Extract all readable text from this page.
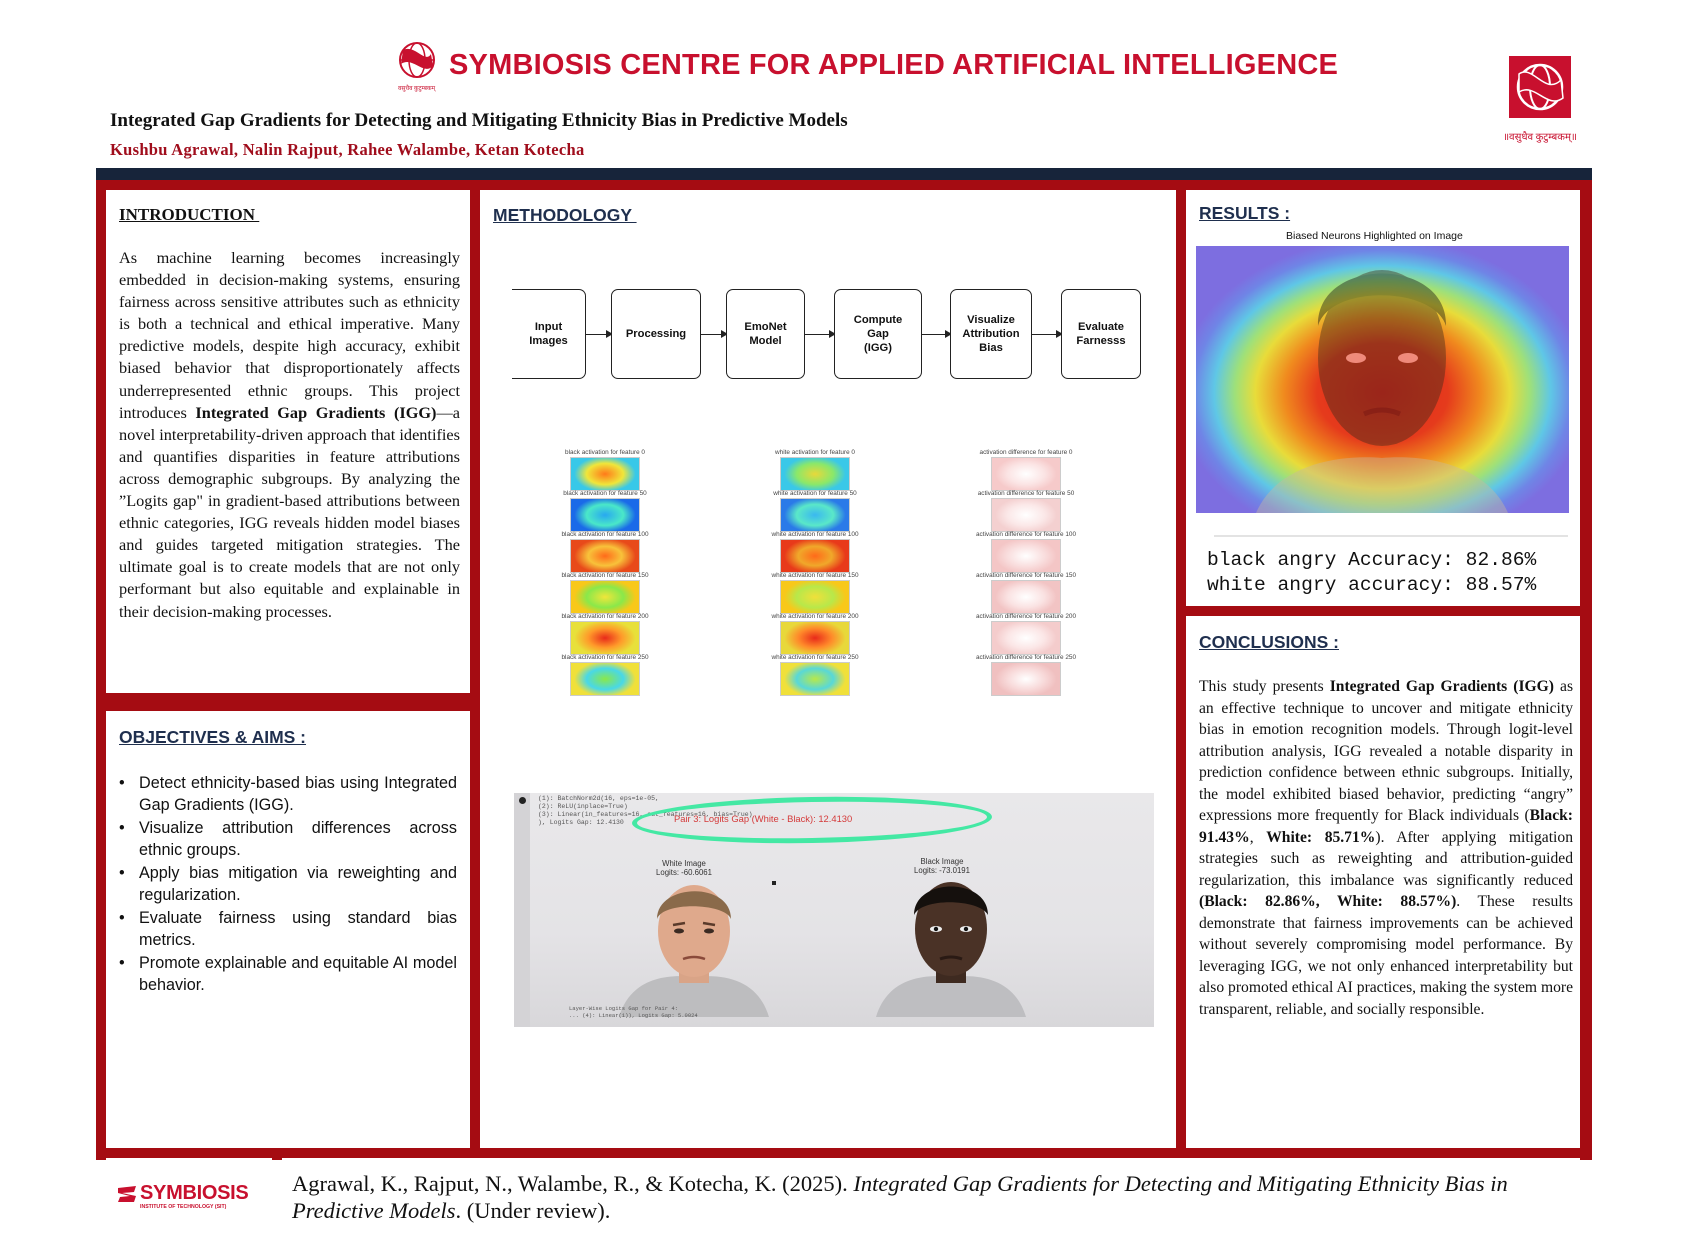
SYMBIOSIS CENTRE FOR APPLIED ARTIFICIAL INTELLIGENCE
वसुधैव कुटुम्बकम्
Integrated Gap Gradients for Detecting and Mitigating Ethnicity Bias in Predictive Models
Kushbu Agrawal, Nalin Rajput, Rahee Walambe, Ketan Kotecha
॥वसुधैव कुटुम्बकम्॥
INTRODUCTION
As machine learning becomes increasingly embedded in decision-making systems, ensuring fairness across sensitive attributes such as ethnicity is both a technical and ethical imperative. Many predictive models, despite high accuracy, exhibit biased behavior that disproportionately affects underrepresented ethnic groups. This project introduces Integrated Gap Gradients (IGG)—a novel interpretability-driven approach that identifies and quantifies disparities in feature attributions across demographic subgroups. By analyzing the ”Logits gap" in gradient-based attributions between ethnic categories, IGG reveals hidden model biases and guides targeted mitigation strategies. The ultimate goal is to create models that are not only performant but also equitable and explainable in their decision-making processes.
OBJECTIVES & AIMS :
• Detect ethnicity-based bias using Integrated Gap Gradients (IGG).
• Visualize attribution differences across ethnic groups.
• Apply bias mitigation via reweighting and regularization.
• Evaluate fairness using standard bias metrics.
• Promote explainable and equitable AI model behavior.
METHODOLOGY
Input
Images
Processing
EmoNet
Model
Compute
Gap
(IGG)
Visualize
Attribution
Bias
Evaluate
Farnesss
black activation for feature 0
black activation for feature 50
black activation for feature 100
black activation for feature 150
black activation for feature 200
black activation for feature 250
white activation for feature 0
white activation for feature 50
white activation for feature 100
white activation for feature 150
white activation for feature 200
white activation for feature 250
activation difference for feature 0
activation difference for feature 50
activation difference for feature 100
activation difference for feature 150
activation difference for feature 200
activation difference for feature 250
(1): BatchNorm2d(16, eps=1e-05,
(2): ReLU(inplace=True)
(3): Linear(in_features=16, out_features=16, bias=True)
), Logits Gap: 12.4130	Pair 3: Logits Gap (White - Black): 12.4130
White Image
Logits: -60.6061
Black Image
Logits: -73.0191
Layer-Wise Logits Gap for Pair 4:
... (4): Linear(1)), Logits Gap: 5.0024
RESULTS :
Biased Neurons Highlighted on Image
black angry Accuracy: 82.86%
white angry accuracy: 88.57%
CONCLUSIONS :
This study presents Integrated Gap Gradients (IGG) as an effective technique to uncover and mitigate ethnicity bias in emotion recognition models. Through logit-level attribution analysis, IGG revealed a notable disparity in prediction confidence between ethnic subgroups. Initially, the model exhibited biased behavior, predicting “angry” expressions more frequently for Black individuals (Black: 91.43%, White: 85.71%). After applying mitigation strategies such as reweighting and attribution-guided regularization, this imbalance was significantly reduced (Black: 82.86%, White: 88.57%). These results demonstrate that fairness improvements can be achieved without severely compromising model performance. By leveraging IGG, we not only enhanced interpretability but also promoted ethical AI practices, making the system more transparent, reliable, and socially responsible.
SYMBIOSIS
INSTITUTE OF TECHNOLOGY (SIT)
Agrawal, K., Rajput, N., Walambe, R., & Kotecha, K. (2025). Integrated Gap Gradients for Detecting and Mitigating Ethnicity Bias in Predictive Models. (Under review).
